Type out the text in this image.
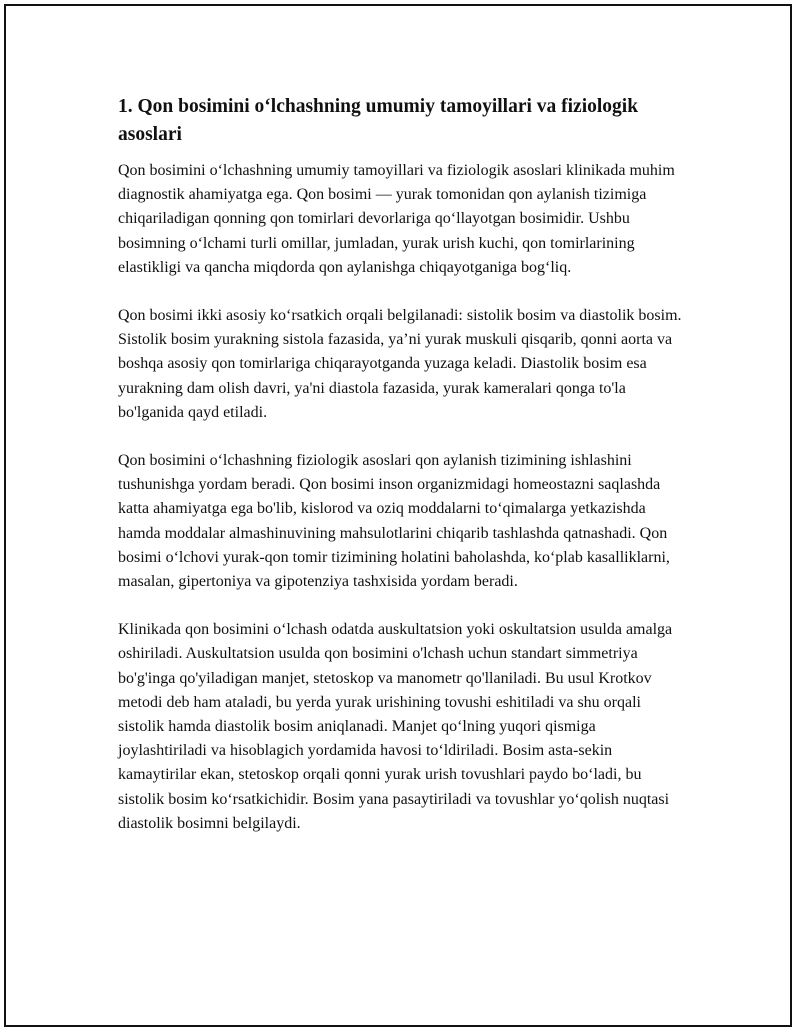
1. Qon bosimini o‘lchashning umumiy tamoyillari va fiziologik asoslari

Qon bosimini o‘lchashning umumiy tamoyillari va fiziologik asoslari klinikada muhim diagnostik ahamiyatga ega. Qon bosimi — yurak tomonidan qon aylanish tizimiga chiqariladigan qonning qon tomirlari devorlariga qo‘llayotgan bosimidir. Ushbu bosimning o‘lchami turli omillar, jumladan, yurak urish kuchi, qon tomirlarining elastikligi va qancha miqdorda qon aylanishga chiqayotganiga bog‘liq.

Qon bosimi ikki asosiy ko‘rsatkich orqali belgilanadi: sistolik bosim va diastolik bosim. Sistolik bosim yurakning sistola fazasida, ya’ni yurak muskuli qisqarib, qonni aorta va boshqa asosiy qon tomirlariga chiqarayotganda yuzaga keladi. Diastolik bosim esa yurakning dam olish davri, ya'ni diastola fazasida, yurak kameralari qonga to'la bo'lganida qayd etiladi.

Qon bosimini o‘lchashning fiziologik asoslari qon aylanish tizimining ishlashini tushunishga yordam beradi. Qon bosimi inson organizmidagi homeostazni saqlashda katta ahamiyatga ega bo'lib, kislorod va oziq moddalarni to‘qimalarga yetkazishda hamda moddalar almashinuvining mahsulotlarini chiqarib tashlashda qatnashadi. Qon bosimi o‘lchovi yurak-qon tomir tizimining holatini baholashda, ko‘plab kasalliklarni, masalan, gipertoniya va gipotenziya tashxisida yordam beradi.

Klinikada qon bosimini o‘lchash odatda auskultatsion yoki oskultatsion usulda amalga oshiriladi. Auskultatsion usulda qon bosimini o'lchash uchun standart simmetriya bo'g'inga qo'yiladigan manjet, stetoskop va manometr qo'llaniladi. Bu usul Krotkov metodi deb ham ataladi, bu yerda yurak urishining tovushi eshitiladi va shu orqali sistolik hamda diastolik bosim aniqlanadi. Manjet qo‘lning yuqori qismiga joylashtiriladi va hisoblagich yordamida havosi to‘ldiriladi. Bosim asta-sekin kamaytirilar ekan, stetoskop orqali qonni yurak urish tovushlari paydo bo‘ladi, bu sistolik bosim ko‘rsatkichidir. Bosim yana pasaytiriladi va tovushlar yo‘qolish nuqtasi diastolik bosimni belgilaydi.
